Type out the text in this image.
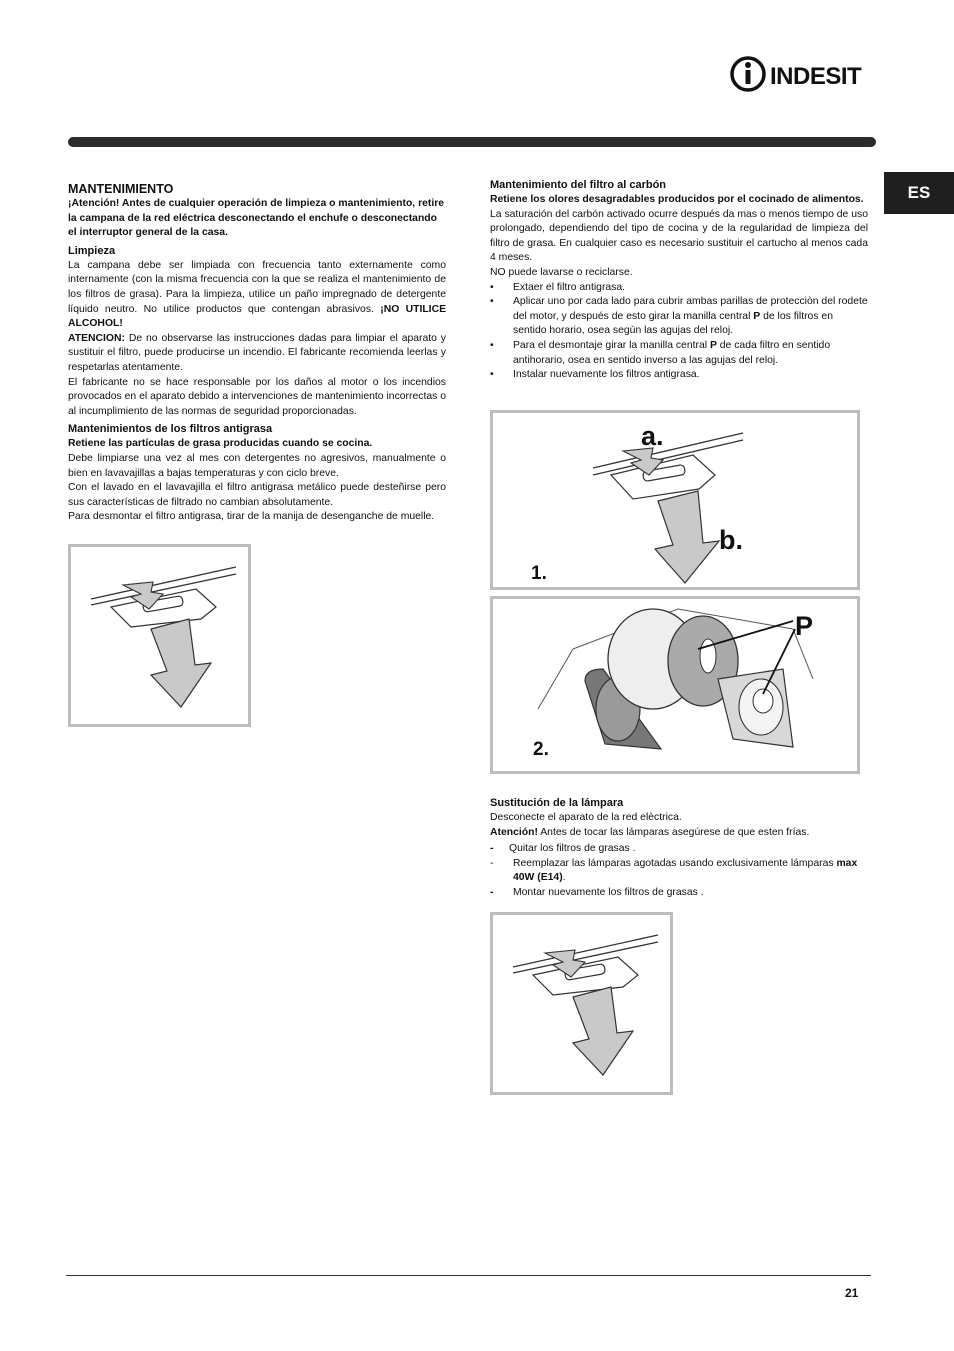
INDESIT
ES

MANTENIMIENTO

¡Atención! Antes de cualquier operación de limpieza o mantenimiento, retire la campana de la red eléctrica desconectando el enchufe o desconectando el interruptor general de la casa.

Limpieza

La campana debe ser limpiada con frecuencia tanto externamente como internamente (con la misma frecuencia con la que se realiza el mantenimiento de los filtros de grasa). Para la limpieza, utilice un paño impregnado de detergente líquido neutro. No utilice productos que contengan abrasivos. ¡NO UTILICE ALCOHOL!

ATENCION: De no observarse las instrucciones dadas para limpiar el aparato y sustituir el filtro, puede producirse un incendio. El fabricante recomienda leerlas y respetarlas atentamente.

El fabricante no se hace responsable por los daños al motor o los incendios provocados en el aparato debido a intervenciones de mantenimiento incorrectas o al incumplimiento de las normas de seguridad proporcionadas.

Mantenimientos de los filtros antigrasa

Retiene las partículas de grasa producidas cuando se cocina.

Debe limpiarse una vez al mes con detergentes no agresivos, manualmente o bien en lavavajillas a bajas temperaturas y con ciclo breve.

Con el lavado en el lavavajilla el filtro antigrasa metálico puede desteñirse pero sus características de filtrado no cambian absolutamente.

Para desmontar el filtro antigrasa, tirar de la manija de desenganche de muelle.

Mantenimiento del filtro al carbón

Retiene los olores desagradables producidos por el cocinado de alimentos.

La saturación del carbón activado ocurre después da mas o menos tiempo de uso prolongado, dependiendo del tipo de cocina y de la regularidad de limpieza del filtro de grasa. En cualquier caso es necesario sustituir el cartucho al menos cada 4 meses.

NO puede lavarse o reciclarse.

• Extaer el filtro antigrasa.
• Aplicar uno por cada lado para cubrir ambas parillas de protecciòn del rodete del motor, y después de esto girar la manilla central P de los filtros en sentido horario, osea segùn las agujas del reloj.
• Para el desmontaje girar la manilla central P de cada filtro en sentido antihorario, osea en sentido inverso a las agujas del reloj.
• Instalar nuevamente los filtros antigrasa.
a.
b.
1.
P
2.

Sustitución de la lámpara

Desconecte el aparato de la red elèctrica.

Atención! Antes de tocar las lámparas asegúrese de que esten frías.

- Quitar los filtros de grasas .
- Reemplazar las lámparas agotadas usando exclusivamente lámparas max 40W (E14).
- Montar nuevamente los filtros de grasas .
21
